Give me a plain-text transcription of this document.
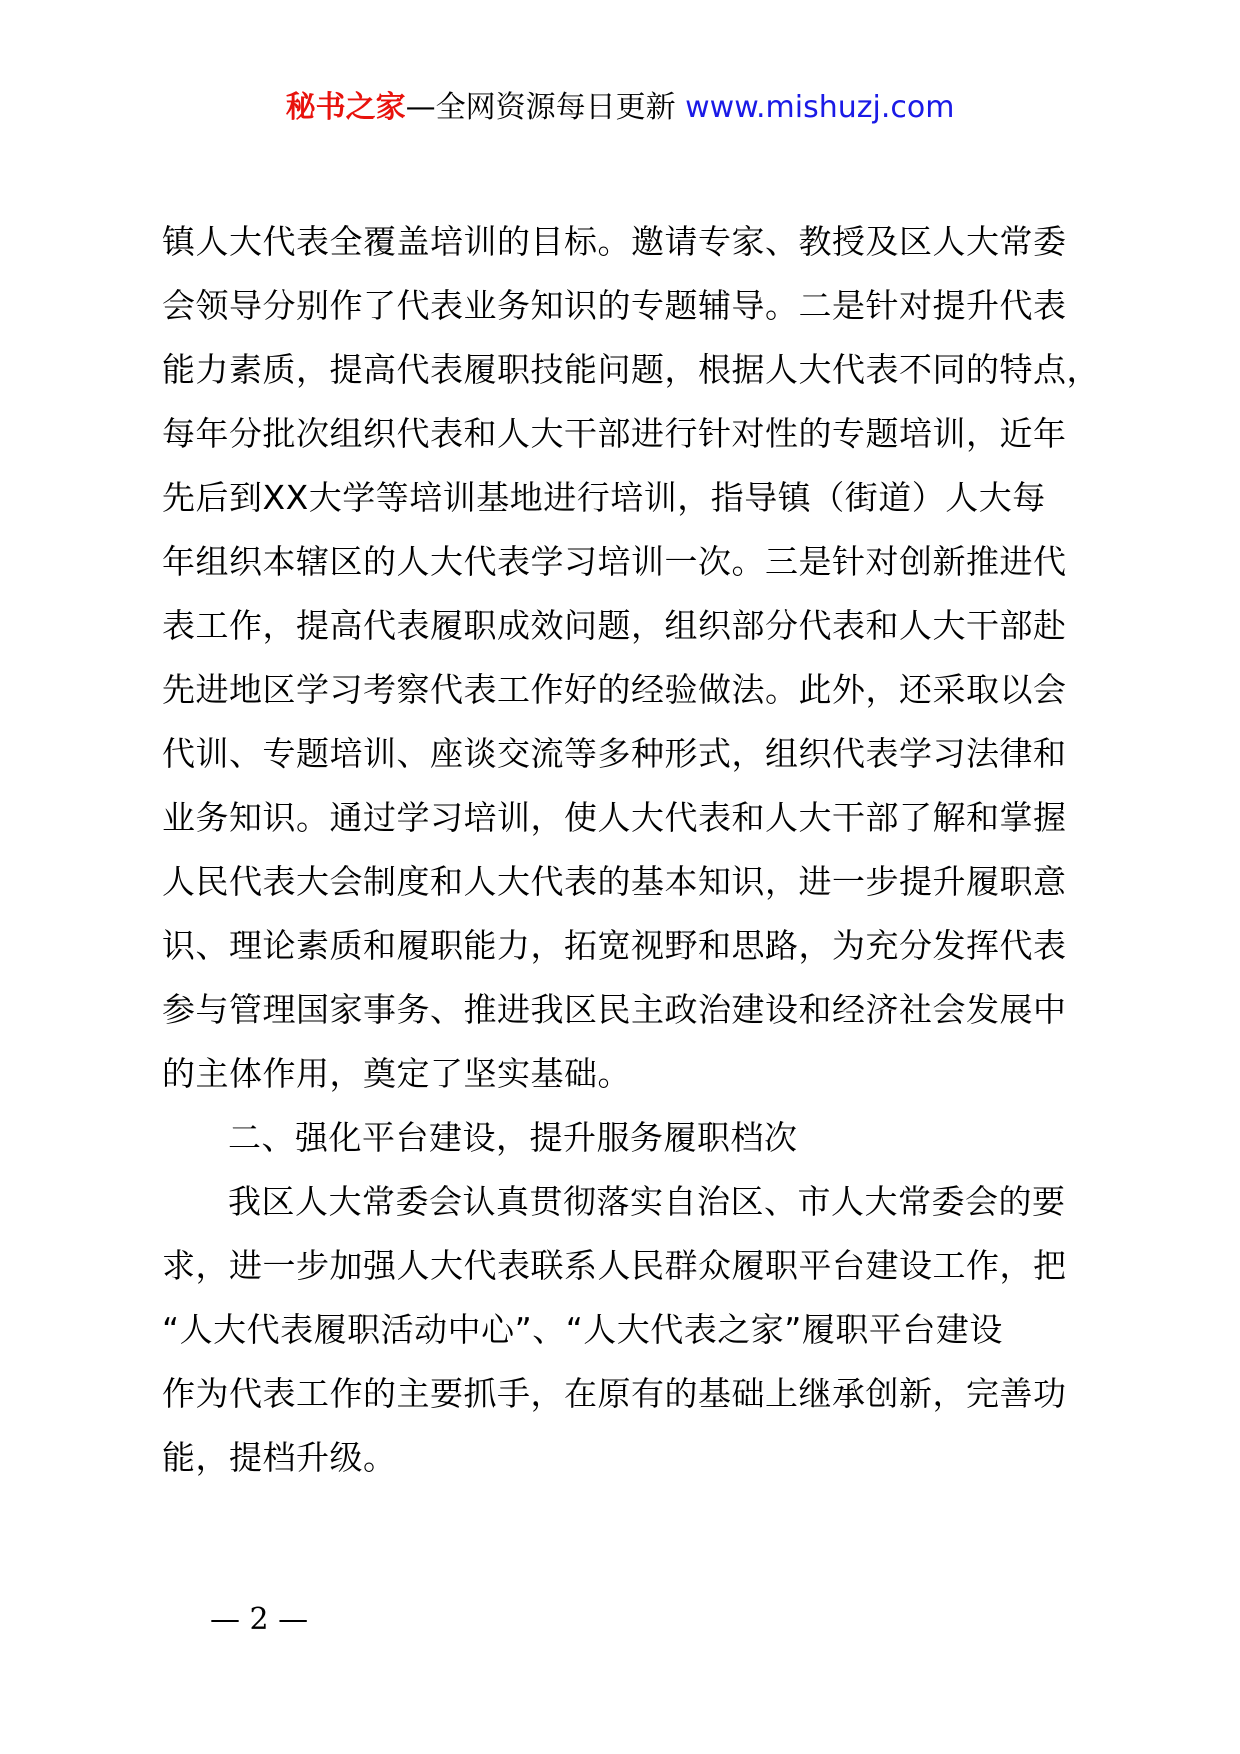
秘书之家—全网资源每日更新 www.mishuzj.com

镇人大代表全覆盖培训的目标。邀请专家、教授及区人大常委
会领导分别作了代表业务知识的专题辅导。二是针对提升代表
能力素质，提高代表履职技能问题，根据人大代表不同的特点，
每年分批次组织代表和人大干部进行针对性的专题培训，近年
先后到XX大学等培训基地进行培训，指导镇（街道）人大每
年组织本辖区的人大代表学习培训一次。三是针对创新推进代
表工作，提高代表履职成效问题，组织部分代表和人大干部赴
先进地区学习考察代表工作好的经验做法。此外，还采取以会
代训、专题培训、座谈交流等多种形式，组织代表学习法律和
业务知识。通过学习培训，使人大代表和人大干部了解和掌握
人民代表大会制度和人大代表的基本知识，进一步提升履职意
识、理论素质和履职能力，拓宽视野和思路，为充分发挥代表
参与管理国家事务、推进我区民主政治建设和经济社会发展中
的主体作用，奠定了坚实基础。

二、强化平台建设，提升服务履职档次

我区人大常委会认真贯彻落实自治区、市人大常委会的要
求，进一步加强人大代表联系人民群众履职平台建设工作，把
“人大代表履职活动中心”、“人大代表之家”履职平台建设
作为代表工作的主要抓手，在原有的基础上继承创新，完善功
能，提档升级。

— 2 —
